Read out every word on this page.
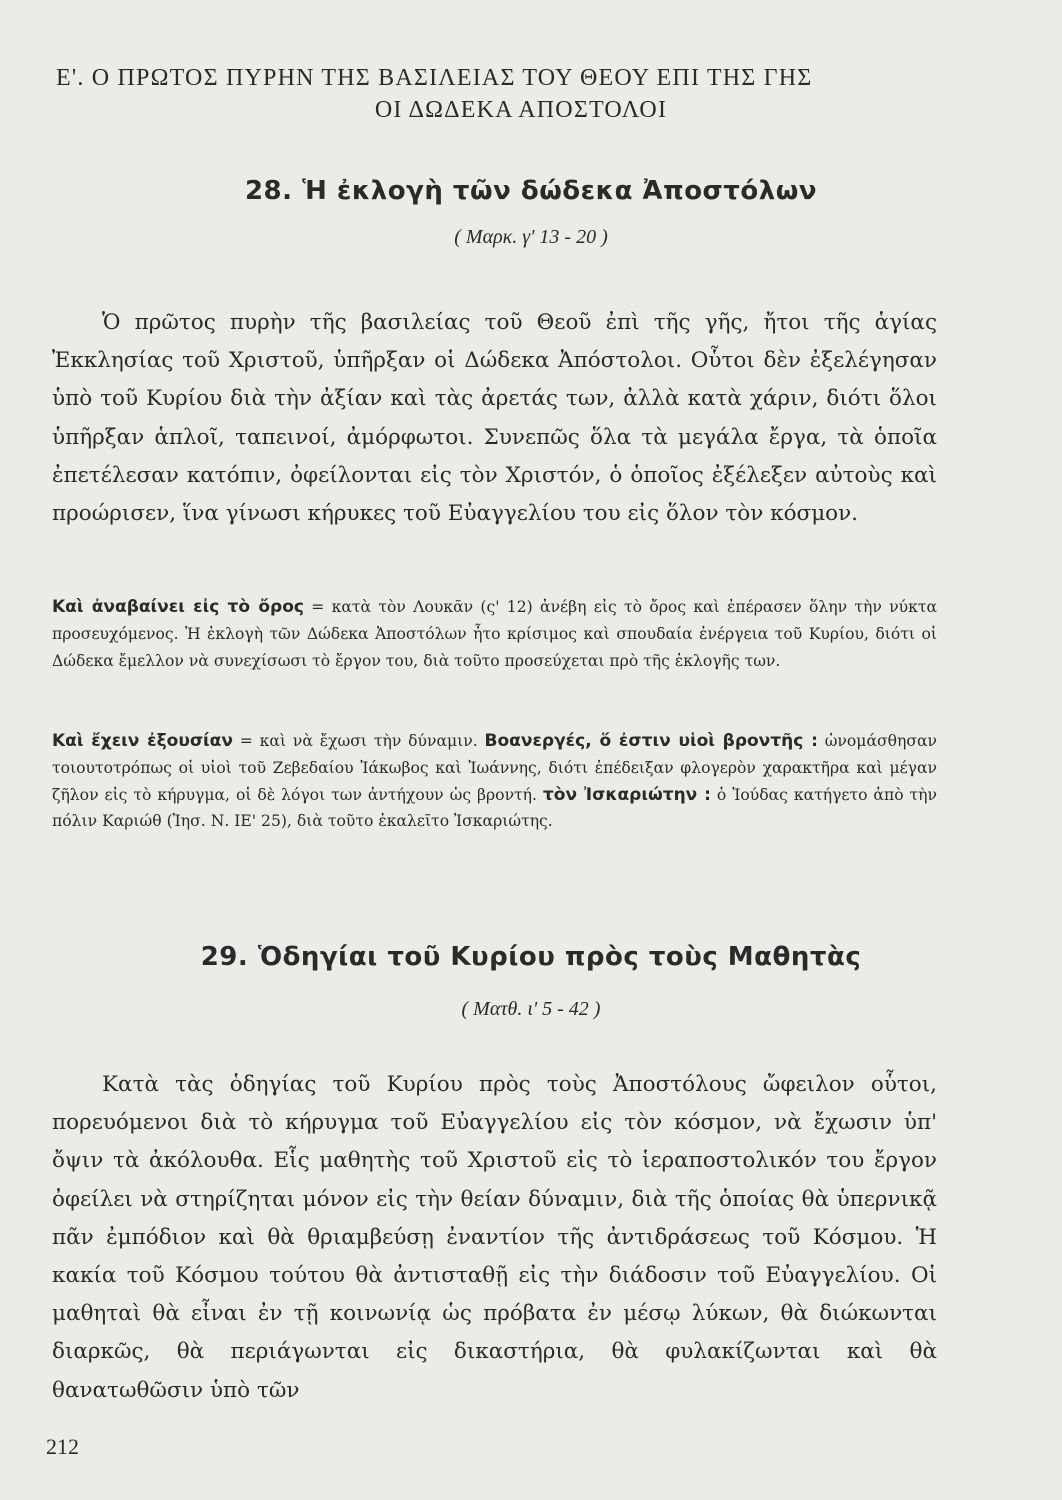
Ε'. Ο ΠΡΩΤΟΣ ΠΥΡΗΝ ΤΗΣ ΒΑΣΙΛΕΙΑΣ ΤΟΥ ΘΕΟΥ ΕΠΙ ΤΗΣ ΓΗΣ
ΟΙ ΔΩΔΕΚΑ ΑΠΟΣΤΟΛΟΙ
28. Ἡ ἐκλογὴ τῶν δώδεκα Ἀποστόλων
( Μαρκ. γ' 13 - 20 )

Ὁ πρῶτος πυρὴν τῆς βασιλείας τοῦ Θεοῦ ἐπὶ τῆς γῆς, ἤτοι τῆς ἁγίας Ἐκκλησίας τοῦ Χριστοῦ, ὑπῆρξαν οἱ Δώδεκα Ἀπόστολοι. Οὗτοι δὲν ἐξελέγησαν ὑπὸ τοῦ Κυρίου διὰ τὴν ἀξίαν καὶ τὰς ἀρετάς των, ἀλλὰ κατὰ χάριν, διότι ὅλοι ὑπῆρξαν ἁπλοῖ, ταπεινοί, ἀμόρφωτοι. Συνεπῶς ὅλα τὰ μεγάλα ἔργα, τὰ ὁποῖα ἐπετέλεσαν κατόπιν, ὀφείλονται εἰς τὸν Χριστόν, ὁ ὁποῖος ἐξέλεξεν αὐτοὺς καὶ προώρισεν, ἵνα γίνωσι κήρυκες τοῦ Εὐαγγελίου του εἰς ὅλον τὸν κόσμον.

Καὶ ἀναβαίνει εἰς τὸ ὄρος = κατὰ τὸν Λουκᾶν (ς' 12) ἀνέβη εἰς τὸ ὄρος καὶ ἐπέρασεν ὅλην τὴν νύκτα προσευχόμενος. Ἡ ἐκλογὴ τῶν Δώδεκα Ἀποστόλων ἦτο κρίσιμος καὶ σπουδαία ἐνέργεια τοῦ Κυρίου, διότι οἱ Δώδεκα ἔμελλον νὰ συνεχίσωσι τὸ ἔργον του, διὰ τοῦτο προσεύχεται πρὸ τῆς ἐκλογῆς των.

Καὶ ἔχειν ἐξουσίαν = καὶ νὰ ἔχωσι τὴν δύναμιν. Βοανεργές, ὅ ἐστιν υἱοὶ βροντῆς : ὠνομάσθησαν τοιουτοτρόπως οἱ υἱοὶ τοῦ Ζεβεδαίου Ἰάκωβος καὶ Ἰωάννης, διότι ἐπέδειξαν φλογερὸν χαρακτῆρα καὶ μέγαν ζῆλον εἰς τὸ κήρυγμα, οἱ δὲ λόγοι των ἀντήχουν ὡς βροντή. τὸν Ἰσκαριώτην : ὁ Ἰούδας κατήγετο ἀπὸ τὴν πόλιν Καριώθ (Ἰησ. Ν. ΙΕ' 25), διὰ τοῦτο ἐκαλεῖτο Ἰσκαριώτης.

29. Ὁδηγίαι τοῦ Κυρίου πρὸς τοὺς Μαθητὰς
( Ματθ. ι' 5 - 42 )

Κατὰ τὰς ὁδηγίας τοῦ Κυρίου πρὸς τοὺς Ἀποστόλους ὤφειλον οὗτοι, πορευόμενοι διὰ τὸ κήρυγμα τοῦ Εὐαγγελίου εἰς τὸν κόσμον, νὰ ἔχωσιν ὑπ' ὄψιν τὰ ἀκόλουθα. Εἷς μαθητὴς τοῦ Χριστοῦ εἰς τὸ ἱεραποστολικόν του ἔργον ὀφείλει νὰ στηρίζηται μόνον εἰς τὴν θείαν δύναμιν, διὰ τῆς ὁποίας θὰ ὑπερνικᾷ πᾶν ἐμπόδιον καὶ θὰ θριαμβεύσῃ ἐναντίον τῆς ἀντιδράσεως τοῦ Κόσμου. Ἡ κακία τοῦ Κόσμου τούτου θὰ ἀντισταθῇ εἰς τὴν διάδοσιν τοῦ Εὐαγγελίου. Οἱ μαθηταὶ θὰ εἶναι ἐν τῇ κοινωνίᾳ ὡς πρόβατα ἐν μέσῳ λύκων, θὰ διώκωνται διαρκῶς, θὰ περιάγωνται εἰς δικαστήρια, θὰ φυλακίζωνται καὶ θὰ θανατωθῶσιν ὑπὸ τῶν

212
